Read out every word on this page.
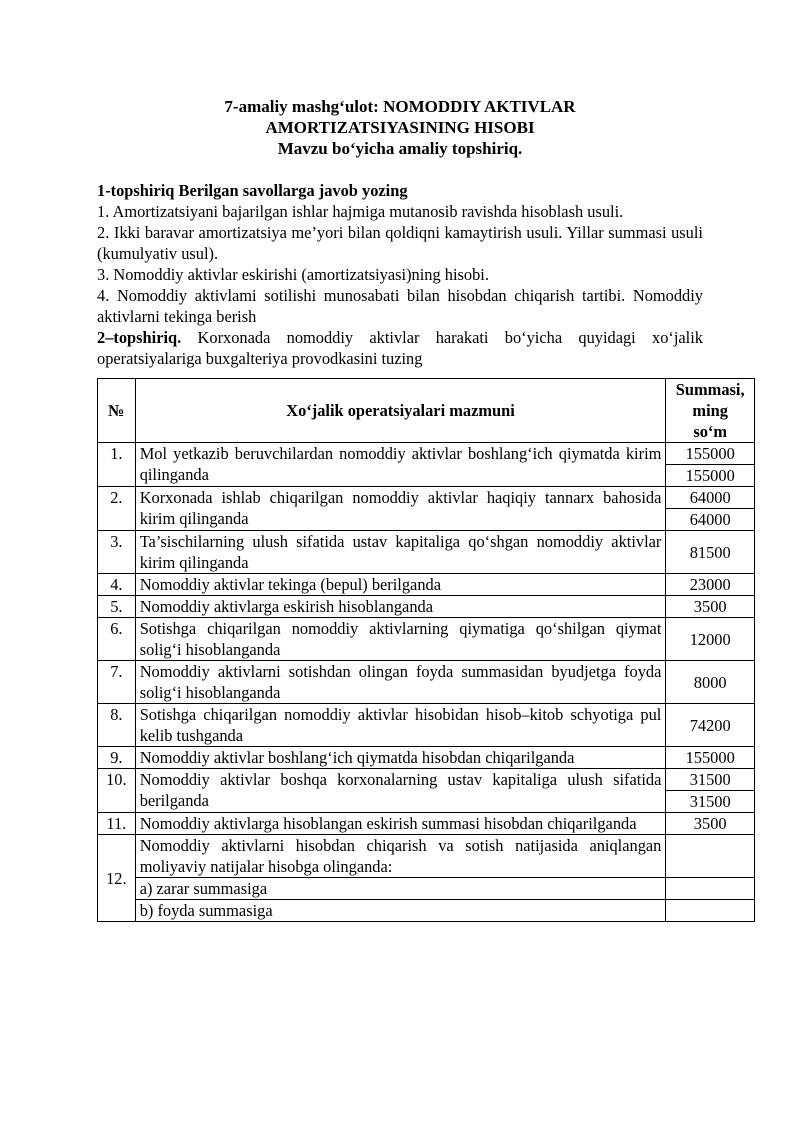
7-amaliy mashg‘ulot: NOMODDIY AKTIVLAR
AMORTIZATSIYASINING HISOBI
Mavzu bo‘yicha amaliy topshiriq.
1-topshiriq Berilgan savollarga javob yozing
1. Amortizatsiyani bajarilgan ishlar hajmiga mutanosib ravishda hisoblash usuli.
2. Ikki baravar amortizatsiya me’yori bilan qoldiqni kamaytirish usuli. Yillar summasi usuli (kumulyativ usul).
3. Nomoddiy aktivlar eskirishi (amortizatsiyasi)ning hisobi.
4. Nomoddiy aktivlami sotilishi munosabati bilan hisobdan chiqarish tartibi. Nomoddiy aktivlarni tekinga berish
2–topshiriq. Korxonada nomoddiy aktivlar harakati bo‘yicha quyidagi xo‘jalik operatsiyalariga buxgalteriya provodkasini tuzing
№	Xo‘jalik operatsiyalari mazmuni	Summasi,
ming
so‘m

1.	Mol yetkazib beruvchilardan nomoddiy aktivlar boshlang‘ich qiymatda kirim qilinganda	155000
155000

2.	Korxonada ishlab chiqarilgan nomoddiy aktivlar haqiqiy tannarx bahosida kirim qilinganda	64000
64000

3.	Ta’sischilarning ulush sifatida ustav kapitaliga qo‘shgan nomoddiy aktivlar kirim qilinganda	81500
4.	Nomoddiy aktivlar tekinga (bepul) berilganda	23000
5.	Nomoddiy aktivlarga eskirish hisoblanganda	3500
6.	Sotishga chiqarilgan nomoddiy aktivlarning qiymatiga qo‘shilgan qiymat solig‘i hisoblanganda	12000
7.	Nomoddiy aktivlarni sotishdan olingan foyda summasidan byudjetga foyda solig‘i hisoblanganda	8000
8.	Sotishga chiqarilgan nomoddiy aktivlar hisobidan hisob–kitob schyotiga pul kelib tushganda	74200
9.	Nomoddiy aktivlar boshlang‘ich qiymatda hisobdan chiqarilganda	155000
10.	Nomoddiy aktivlar boshqa korxonalarning ustav kapitaliga ulush sifatida berilganda	31500
31500

11.	Nomoddiy aktivlarga hisoblangan eskirish summasi hisobdan chiqarilganda	3500
12.	Nomoddiy aktivlarni hisobdan chiqarish va sotish natijasida aniqlangan moliyaviy natijalar hisobga olinganda:	
	a) zarar summasiga	
	b) foyda summasiga	
